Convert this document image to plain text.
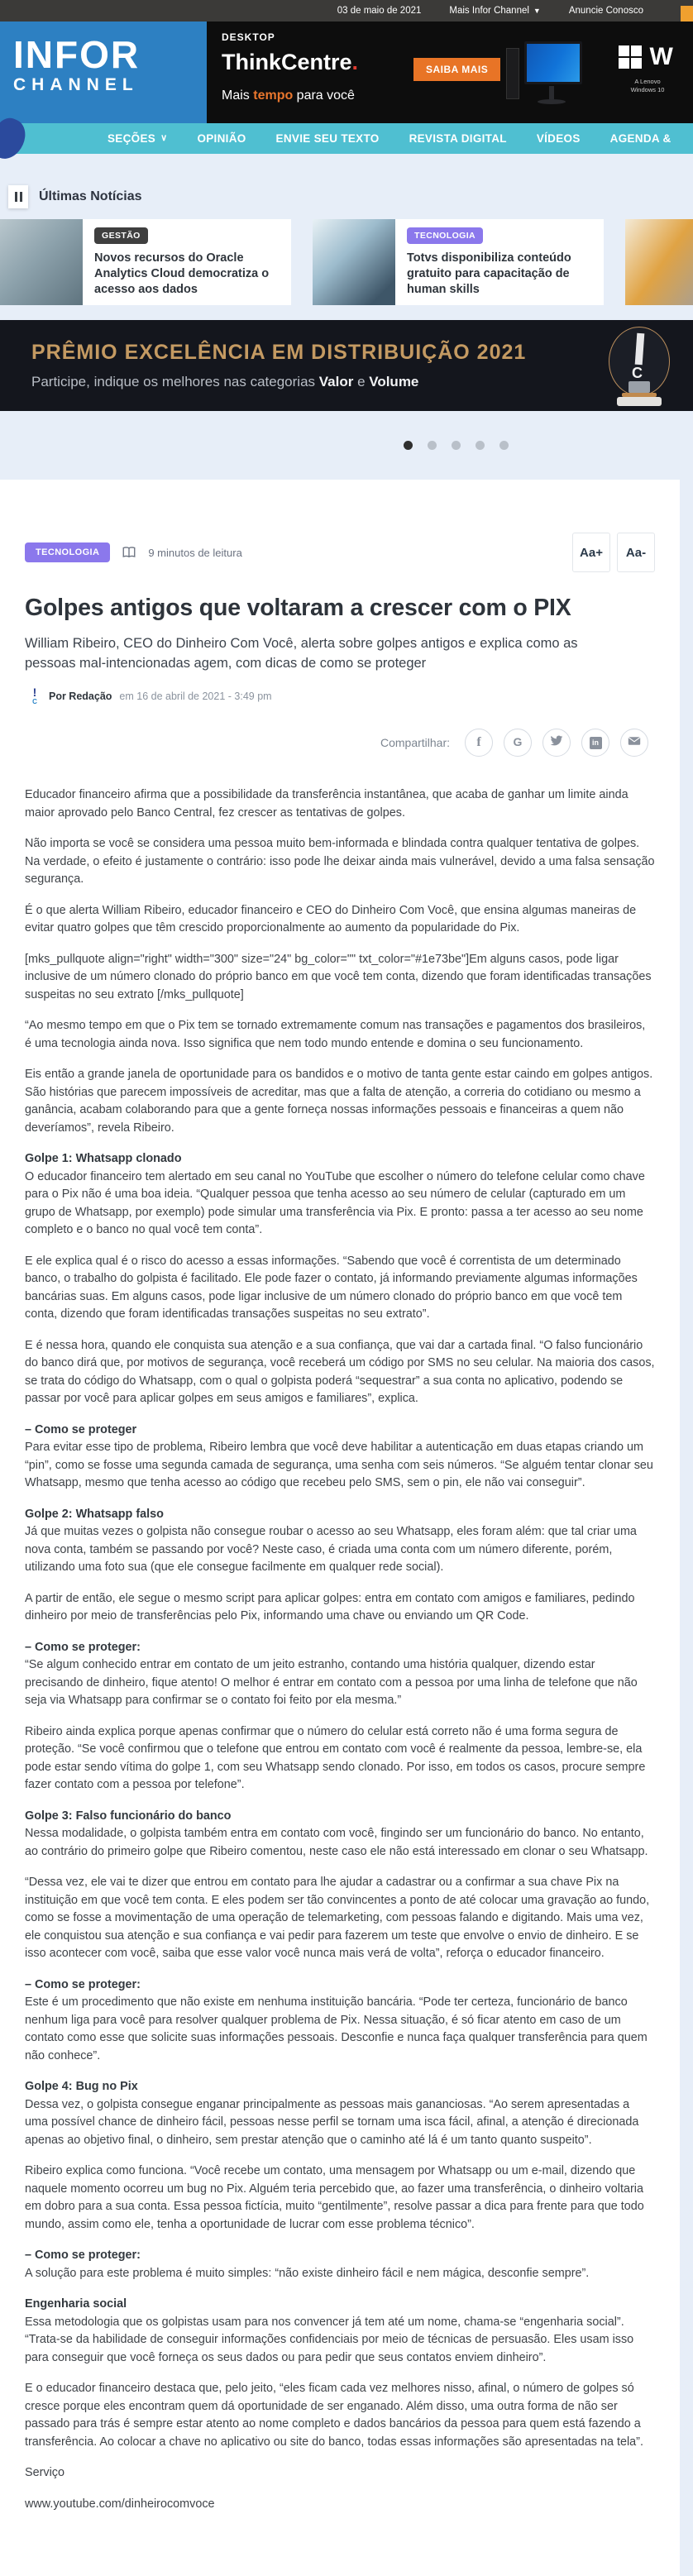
03 de maio de 2021	Mais Infor Channel ▼	Anuncie Conosco
INFOR
CHANNEL
DESKTOP
ThinkCentre.
Mais tempo para você
SAIBA MAIS	W
A Lenovo
Windows 10
SEÇÕES ∨	OPINIÃO	ENVIE SEU TEXTO	REVISTA DIGITAL	VÍDEOS	AGENDA &
Últimas Notícias
GESTÃO
Novos recursos do Oracle Analytics Cloud democratiza o acesso aos dados
TECNOLOGIA
Totvs disponibiliza conteúdo gratuito para capacitação de human skills
PRÊMIO EXCELÊNCIA EM DISTRIBUIÇÃO 2021
Participe, indique os melhores nas categorias Valor e Volume
C
TECNOLOGIA	9 minutos de leitura	Aa+	Aa-
Golpes antigos que voltaram a crescer com o PIX
William Ribeiro, CEO do Dinheiro Com Você, alerta sobre golpes antigos e explica como as pessoas mal-intencionadas agem, com dicas de como se proteger
!
C Por Redação em 16 de abril de 2021 - 3:49 pm
Compartilhar: f	G	in
Educador financeiro afirma que a possibilidade da transferência instantânea, que acaba de ganhar um limite ainda maior aprovado pelo Banco Central, fez crescer as tentativas de golpes.
Não importa se você se considera uma pessoa muito bem-informada e blindada contra qualquer tentativa de golpes. Na verdade, o efeito é justamente o contrário: isso pode lhe deixar ainda mais vulnerável, devido a uma falsa sensação segurança.
É o que alerta William Ribeiro, educador financeiro e CEO do Dinheiro Com Você, que ensina algumas maneiras de evitar quatro golpes que têm crescido proporcionalmente ao aumento da popularidade do Pix.
[mks_pullquote align="right" width="300" size="24" bg_color="" txt_color="#1e73be"]Em alguns casos, pode ligar inclusive de um número clonado do próprio banco em que você tem conta, dizendo que foram identificadas transações suspeitas no seu extrato [/mks_pullquote]
“Ao mesmo tempo em que o Pix tem se tornado extremamente comum nas transações e pagamentos dos brasileiros, é uma tecnologia ainda nova. Isso significa que nem todo mundo entende e domina o seu funcionamento.
Eis então a grande janela de oportunidade para os bandidos e o motivo de tanta gente estar caindo em golpes antigos. São histórias que parecem impossíveis de acreditar, mas que a falta de atenção, a correria do cotidiano ou mesmo a ganância, acabam colaborando para que a gente forneça nossas informações pessoais e financeiras a quem não deveríamos”, revela Ribeiro.
Golpe 1: Whatsapp clonado
O educador financeiro tem alertado em seu canal no YouTube que escolher o número do telefone celular como chave para o Pix não é uma boa ideia. “Qualquer pessoa que tenha acesso ao seu número de celular (capturado em um grupo de Whatsapp, por exemplo) pode simular uma transferência via Pix. E pronto: passa a ter acesso ao seu nome completo e o banco no qual você tem conta”.
E ele explica qual é o risco do acesso a essas informações. “Sabendo que você é correntista de um determinado banco, o trabalho do golpista é facilitado. Ele pode fazer o contato, já informando previamente algumas informações bancárias suas. Em alguns casos, pode ligar inclusive de um número clonado do próprio banco em que você tem conta, dizendo que foram identificadas transações suspeitas no seu extrato”.
E é nessa hora, quando ele conquista sua atenção e a sua confiança, que vai dar a cartada final. “O falso funcionário do banco dirá que, por motivos de segurança, você receberá um código por SMS no seu celular. Na maioria dos casos, se trata do código do Whatsapp, com o qual o golpista poderá “sequestrar” a sua conta no aplicativo, podendo se passar por você para aplicar golpes em seus amigos e familiares”, explica.
– Como se proteger
Para evitar esse tipo de problema, Ribeiro lembra que você deve habilitar a autenticação em duas etapas criando um “pin”, como se fosse uma segunda camada de segurança, uma senha com seis números. “Se alguém tentar clonar seu Whatsapp, mesmo que tenha acesso ao código que recebeu pelo SMS, sem o pin, ele não vai conseguir”.
Golpe 2: Whatsapp falso
Já que muitas vezes o golpista não consegue roubar o acesso ao seu Whatsapp, eles foram além: que tal criar uma nova conta, também se passando por você? Neste caso, é criada uma conta com um número diferente, porém, utilizando uma foto sua (que ele consegue facilmente em qualquer rede social).
A partir de então, ele segue o mesmo script para aplicar golpes: entra em contato com amigos e familiares, pedindo dinheiro por meio de transferências pelo Pix, informando uma chave ou enviando um QR Code.
– Como se proteger:
“Se algum conhecido entrar em contato de um jeito estranho, contando uma história qualquer, dizendo estar precisando de dinheiro, fique atento! O melhor é entrar em contato com a pessoa por uma linha de telefone que não seja via Whatsapp para confirmar se o contato foi feito por ela mesma.”
Ribeiro ainda explica porque apenas confirmar que o número do celular está correto não é uma forma segura de proteção. “Se você confirmou que o telefone que entrou em contato com você é realmente da pessoa, lembre-se, ela pode estar sendo vítima do golpe 1, com seu Whatsapp sendo clonado. Por isso, em todos os casos, procure sempre fazer contato com a pessoa por telefone”.
Golpe 3: Falso funcionário do banco
Nessa modalidade, o golpista também entra em contato com você, fingindo ser um funcionário do banco. No entanto, ao contrário do primeiro golpe que Ribeiro comentou, neste caso ele não está interessado em clonar o seu Whatsapp.
“Dessa vez, ele vai te dizer que entrou em contato para lhe ajudar a cadastrar ou a confirmar a sua chave Pix na instituição em que você tem conta. E eles podem ser tão convincentes a ponto de até colocar uma gravação ao fundo, como se fosse a movimentação de uma operação de telemarketing, com pessoas falando e digitando. Mais uma vez, ele conquistou sua atenção e sua confiança e vai pedir para fazerem um teste que envolve o envio de dinheiro. E se isso acontecer com você, saiba que esse valor você nunca mais verá de volta”, reforça o educador financeiro.
– Como se proteger:
Este é um procedimento que não existe em nenhuma instituição bancária. “Pode ter certeza, funcionário de banco nenhum liga para você para resolver qualquer problema de Pix. Nessa situação, é só ficar atento em caso de um contato como esse que solicite suas informações pessoais. Desconfie e nunca faça qualquer transferência para quem não conhece”.
Golpe 4: Bug no Pix
Dessa vez, o golpista consegue enganar principalmente as pessoas mais gananciosas. “Ao serem apresentadas a uma possível chance de dinheiro fácil, pessoas nesse perfil se tornam uma isca fácil, afinal, a atenção é direcionada apenas ao objetivo final, o dinheiro, sem prestar atenção que o caminho até lá é um tanto quanto suspeito”.
Ribeiro explica como funciona. “Você recebe um contato, uma mensagem por Whatsapp ou um e-mail, dizendo que naquele momento ocorreu um bug no Pix. Alguém teria percebido que, ao fazer uma transferência, o dinheiro voltaria em dobro para a sua conta. Essa pessoa fictícia, muito “gentilmente”, resolve passar a dica para frente para que todo mundo, assim como ele, tenha a oportunidade de lucrar com esse problema técnico”.
– Como se proteger:
A solução para este problema é muito simples: “não existe dinheiro fácil e nem mágica, desconfie sempre”.
Engenharia social
Essa metodologia que os golpistas usam para nos convencer já tem até um nome, chama-se “engenharia social”. “Trata-se da habilidade de conseguir informações confidenciais por meio de técnicas de persuasão. Eles usam isso para conseguir que você forneça os seus dados ou para pedir que seus contatos enviem dinheiro”.
E o educador financeiro destaca que, pelo jeito, “eles ficam cada vez melhores nisso, afinal, o número de golpes só cresce porque eles encontram quem dá oportunidade de ser enganado. Além disso, uma outra forma de não ser passado para trás é sempre estar atento ao nome completo e dados bancários da pessoa para quem está fazendo a transferência. Ao colocar a chave no aplicativo ou site do banco, todas essas informações são apresentadas na tela”.
Serviço
www.youtube.com/dinheirocomvoce
